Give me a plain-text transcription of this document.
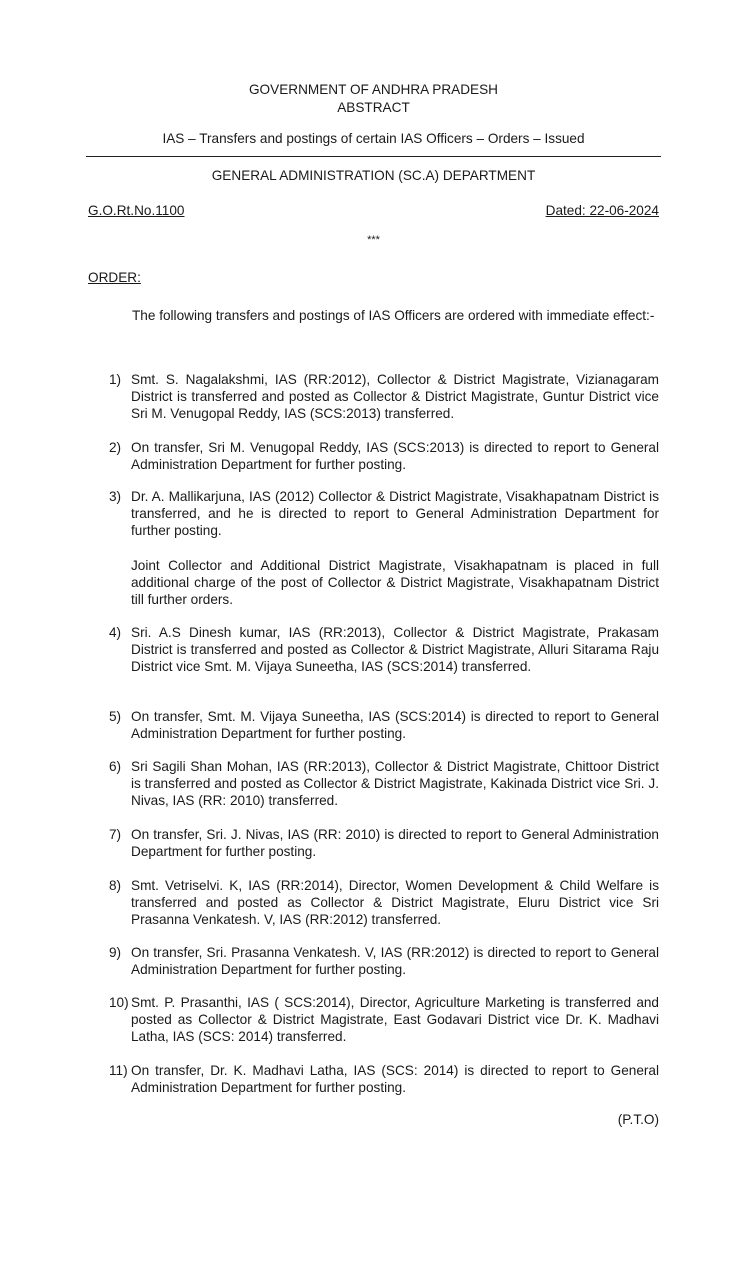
GOVERNMENT OF ANDHRA PRADESH
ABSTRACT
IAS – Transfers and postings of certain IAS Officers – Orders – Issued
GENERAL ADMINISTRATION (SC.A) DEPARTMENT
G.O.Rt.No.1100	Dated: 22-06-2024
***
ORDER:
The following transfers and postings of IAS Officers are ordered with immediate effect:-
1) Smt. S. Nagalakshmi, IAS (RR:2012), Collector & District Magistrate, Vizianagaram District is transferred and posted as Collector & District Magistrate, Guntur District vice Sri M. Venugopal Reddy, IAS (SCS:2013) transferred.
2) On transfer, Sri M. Venugopal Reddy, IAS (SCS:2013) is directed to report to General Administration Department for further posting.
3) Dr. A. Mallikarjuna, IAS (2012) Collector & District Magistrate, Visakhapatnam District is transferred, and he is directed to report to General Administration Department for further posting.
Joint Collector and Additional District Magistrate, Visakhapatnam is placed in full additional charge of the post of Collector & District Magistrate, Visakhapatnam District till further orders.
4) Sri. A.S Dinesh kumar, IAS (RR:2013), Collector & District Magistrate, Prakasam District is transferred and posted as Collector & District Magistrate, Alluri Sitarama Raju District vice Smt. M. Vijaya Suneetha, IAS (SCS:2014) transferred.
5) On transfer, Smt. M. Vijaya Suneetha, IAS (SCS:2014) is directed to report to General Administration Department for further posting.
6) Sri Sagili Shan Mohan, IAS (RR:2013), Collector & District Magistrate, Chittoor District is transferred and posted as Collector & District Magistrate, Kakinada District vice Sri. J. Nivas, IAS (RR: 2010) transferred.
7) On transfer, Sri. J. Nivas, IAS (RR: 2010) is directed to report to General Administration Department for further posting.
8) Smt. Vetriselvi. K, IAS (RR:2014), Director, Women Development & Child Welfare is transferred and posted as Collector & District Magistrate, Eluru District vice Sri Prasanna Venkatesh. V, IAS (RR:2012) transferred.
9) On transfer, Sri. Prasanna Venkatesh. V, IAS (RR:2012) is directed to report to General Administration Department for further posting.
10) Smt. P. Prasanthi, IAS ( SCS:2014), Director, Agriculture Marketing is transferred and posted as Collector & District Magistrate, East Godavari District vice Dr. K. Madhavi Latha, IAS (SCS: 2014) transferred.
11) On transfer, Dr. K. Madhavi Latha, IAS (SCS: 2014) is directed to report to General Administration Department for further posting.
(P.T.O)
